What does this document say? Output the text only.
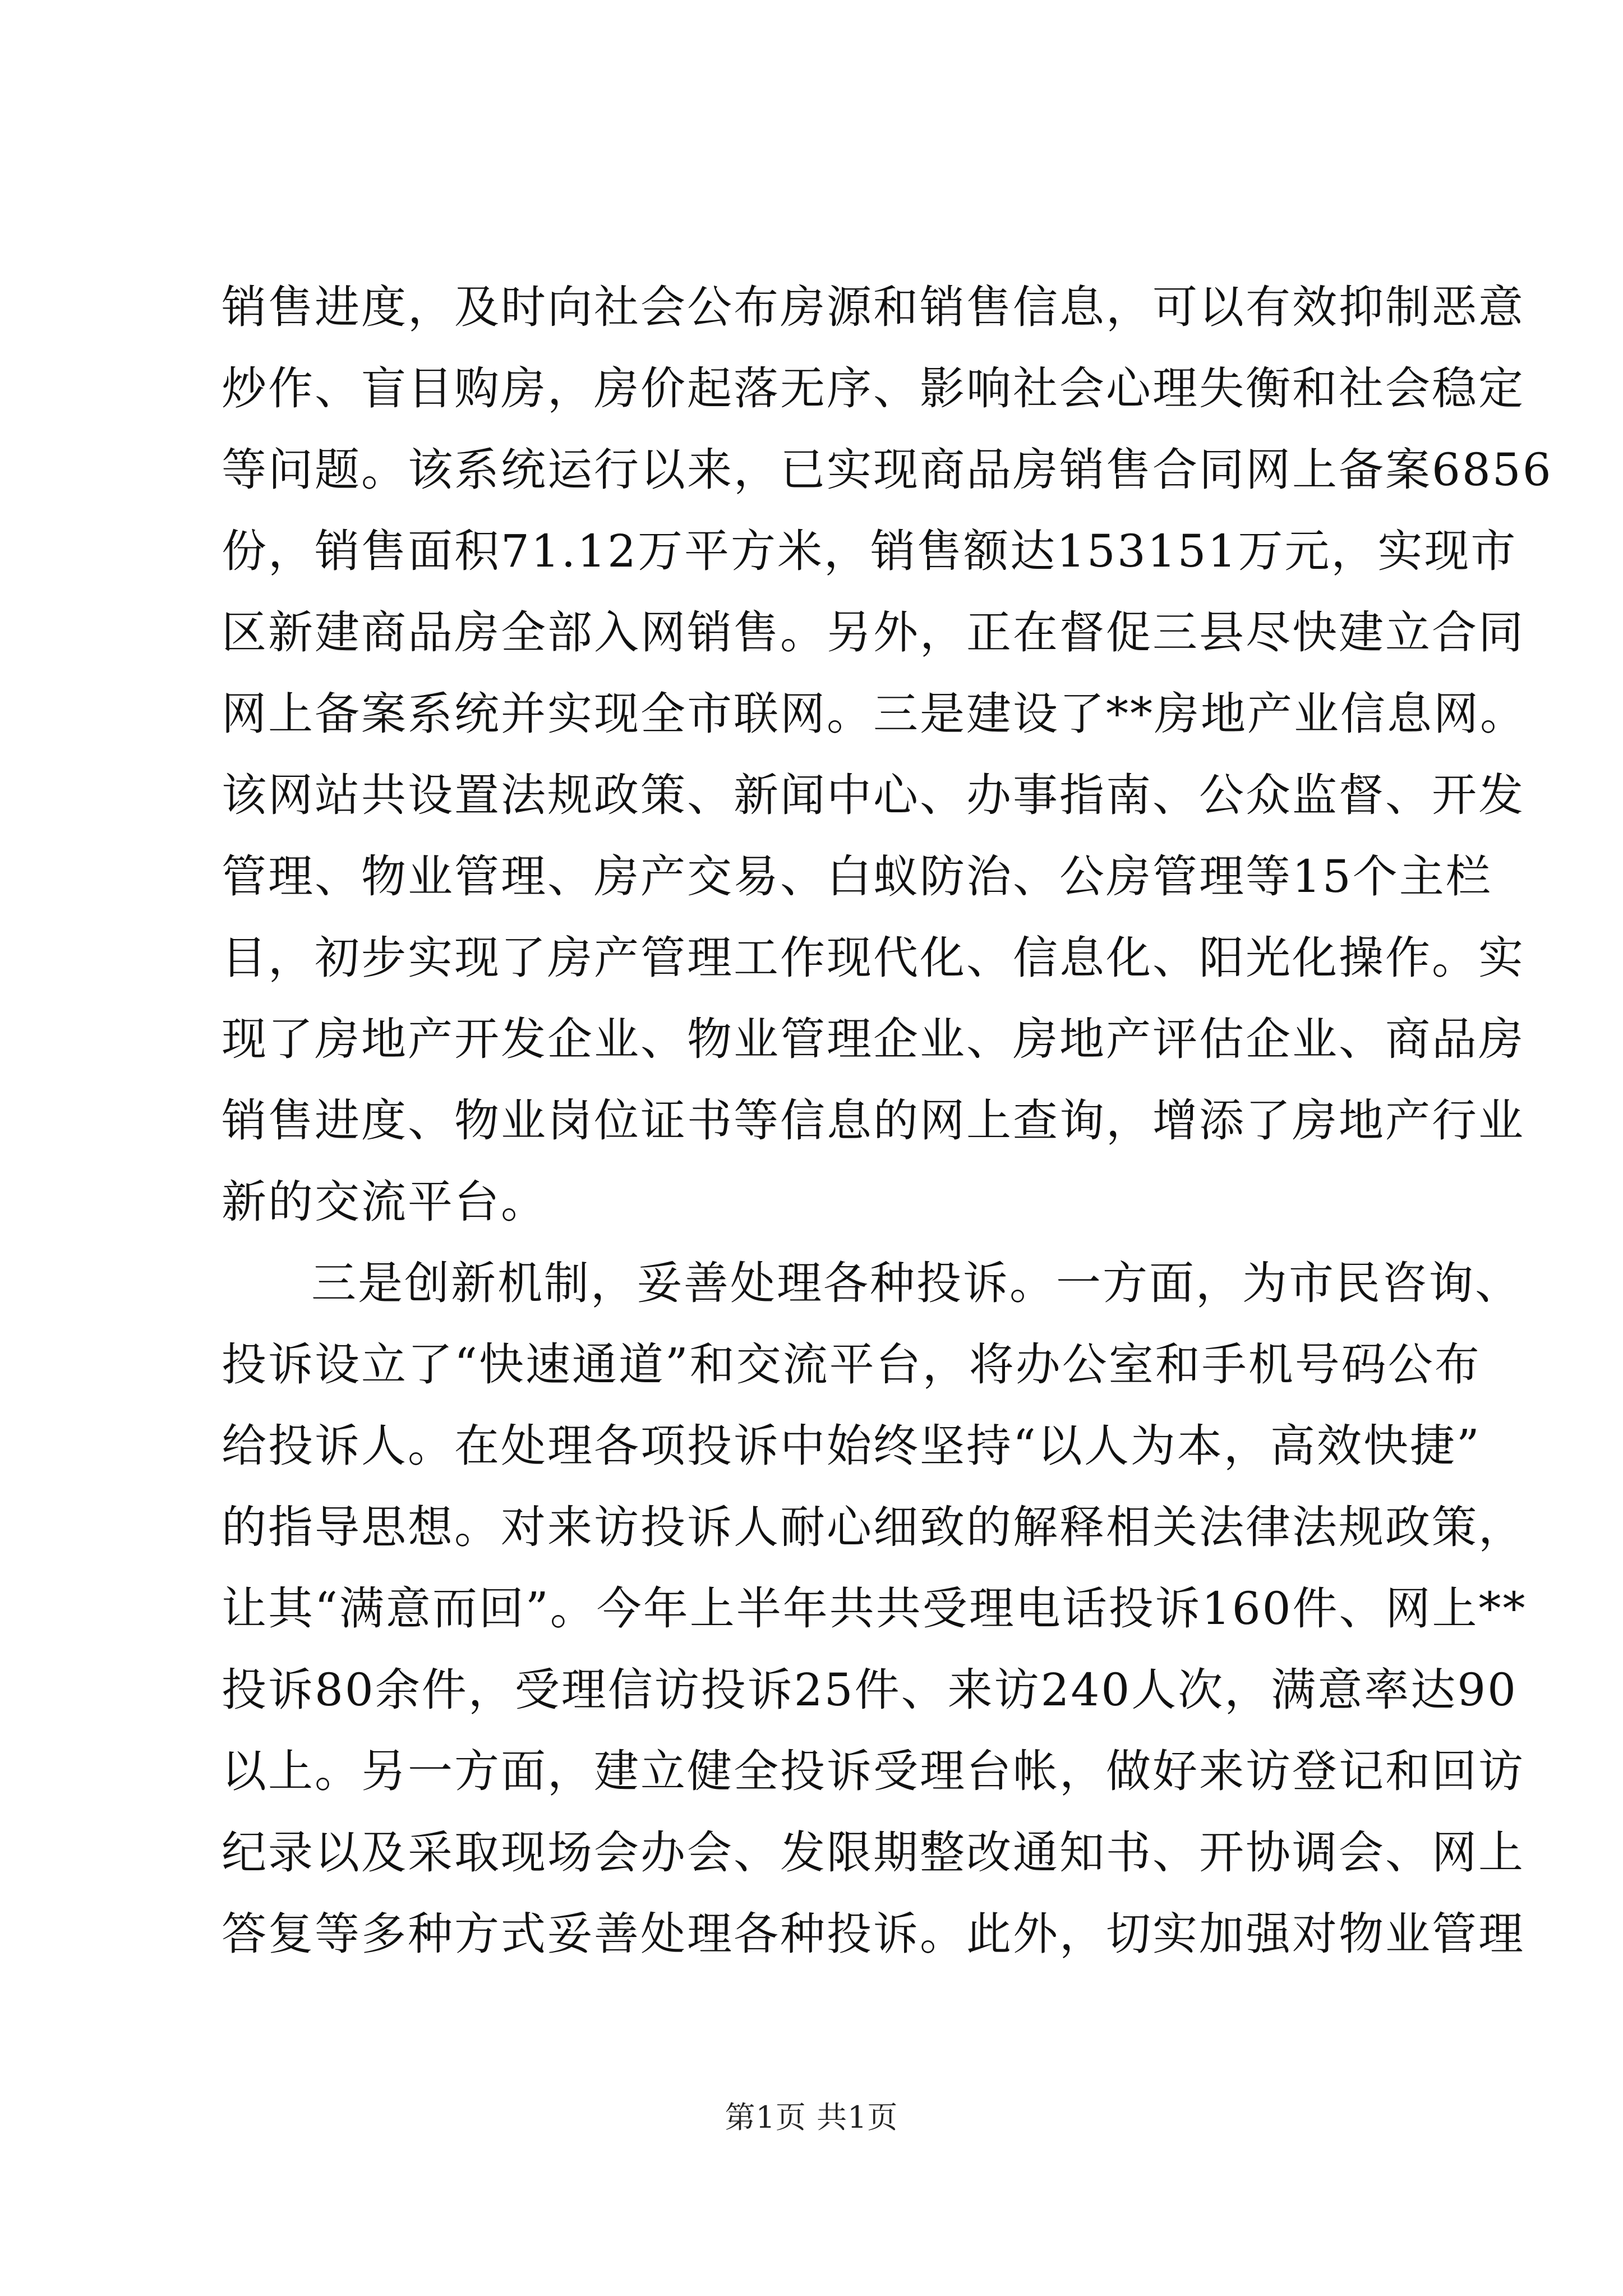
销售进度，及时向社会公布房源和销售信息，可以有效抑制恶意
炒作、盲目购房，房价起落无序、影响社会心理失衡和社会稳定
等问题。该系统运行以来，已实现商品房销售合同网上备案6856
份，销售面积71.12万平方米，销售额达153151万元，实现市
区新建商品房全部入网销售。另外，正在督促三县尽快建立合同
网上备案系统并实现全市联网。三是建设了**房地产业信息网。
该网站共设置法规政策、新闻中心、办事指南、公众监督、开发
管理、物业管理、房产交易、白蚁防治、公房管理等15个主栏
目，初步实现了房产管理工作现代化、信息化、阳光化操作。实
现了房地产开发企业、物业管理企业、房地产评估企业、商品房
销售进度、物业岗位证书等信息的网上查询，增添了房地产行业
新的交流平台。
三是创新机制，妥善处理各种投诉。一方面，为市民咨询、
投诉设立了“快速通道”和交流平台，将办公室和手机号码公布
给投诉人。在处理各项投诉中始终坚持“以人为本，高效快捷”
的指导思想。对来访投诉人耐心细致的解释相关法律法规政策，
让其“满意而回”。今年上半年共共受理电话投诉160件、网上**
投诉80余件，受理信访投诉25件、来访240人次，满意率达90
以上。另一方面，建立健全投诉受理台帐，做好来访登记和回访
纪录以及采取现场会办会、发限期整改通知书、开协调会、网上
答复等多种方式妥善处理各种投诉。此外，切实加强对物业管理
第1页 共1页
